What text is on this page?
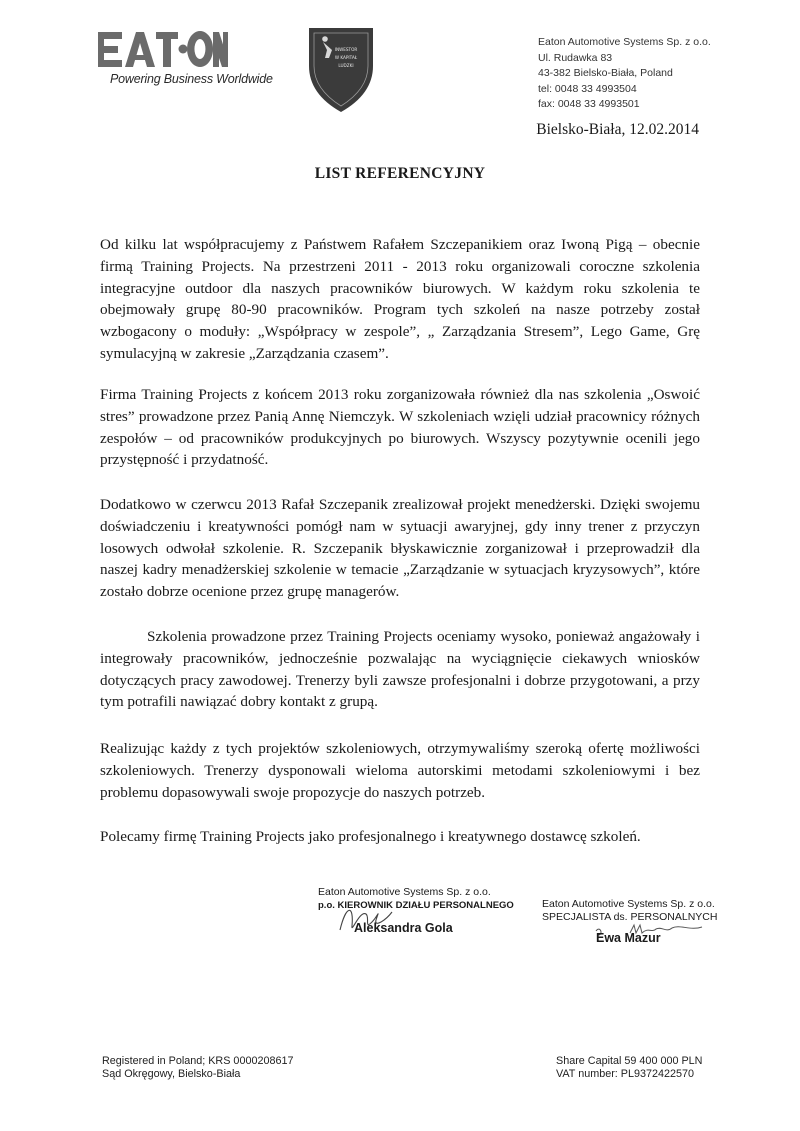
Powering Business Worldwide
INWESTOR
W KAPITAŁ
LUDZKI
Eaton Automotive Systems Sp. z o.o.
Ul. Rudawka 83
43-382 Bielsko-Biała, Poland
tel: 0048 33 4993504
fax: 0048 33 4993501
Bielsko-Biała, 12.02.2014
LIST REFERENCYJNY

Od kilku lat współpracujemy z Państwem Rafałem Szczepanikiem oraz Iwoną Pigą – obecnie firmą Training Projects. Na przestrzeni 2011 - 2013 roku organizowali coroczne szkolenia integracyjne outdoor dla naszych pracowników biurowych. W każdym roku szkolenia te obejmowały grupę 80-90 pracowników. Program tych szkoleń na nasze potrzeby został wzbogacony o moduły: „Współpracy w zespole”, „ Zarządzania Stresem”, Lego Game, Grę symulacyjną w zakresie „Zarządzania czasem”.

Firma Training Projects z końcem 2013 roku zorganizowała również dla nas szkolenia „Oswoić stres” prowadzone przez Panią Annę Niemczyk. W szkoleniach wzięli udział pracownicy różnych zespołów – od pracowników produkcyjnych po biurowych. Wszyscy pozytywnie ocenili jego przystępność i przydatność.

Dodatkowo w czerwcu 2013 Rafał Szczepanik zrealizował projekt menedżerski. Dzięki swojemu doświadczeniu i kreatywności pomógł nam w sytuacji awaryjnej, gdy inny trener z przyczyn losowych odwołał szkolenie. R. Szczepanik błyskawicznie zorganizował i przeprowadził dla naszej kadry menadżerskiej szkolenie w temacie „Zarządzanie w sytuacjach kryzysowych”, które zostało dobrze ocenione przez grupę managerów.

Szkolenia prowadzone przez Training Projects oceniamy wysoko, ponieważ angażowały i integrowały pracowników, jednocześnie pozwalając na wyciągnięcie ciekawych wniosków dotyczących pracy zawodowej. Trenerzy byli zawsze profesjonalni i dobrze przygotowani, a przy tym potrafili nawiązać dobry kontakt z grupą.

Realizując każdy z tych projektów szkoleniowych, otrzymywaliśmy szeroką ofertę możliwości szkoleniowych. Trenerzy dysponowali wieloma autorskimi metodami szkoleniowymi i bez problemu dopasowywali swoje propozycje do naszych potrzeb.

Polecamy firmę Training Projects jako profesjonalnego i kreatywnego dostawcę szkoleń.

Eaton Automotive Systems Sp. z o.o.
p.o. KIEROWNIK DZIAŁU PERSONALNEGO
Aleksandra Gola
Eaton Automotive Systems Sp. z o.o.
SPECJALISTA ds. PERSONALNYCH
Ewa Mazur
Registered in Poland; KRS 0000208617
Sąd Okręgowy, Bielsko-Biała
Share Capital 59 400 000 PLN
VAT number: PL9372422570
